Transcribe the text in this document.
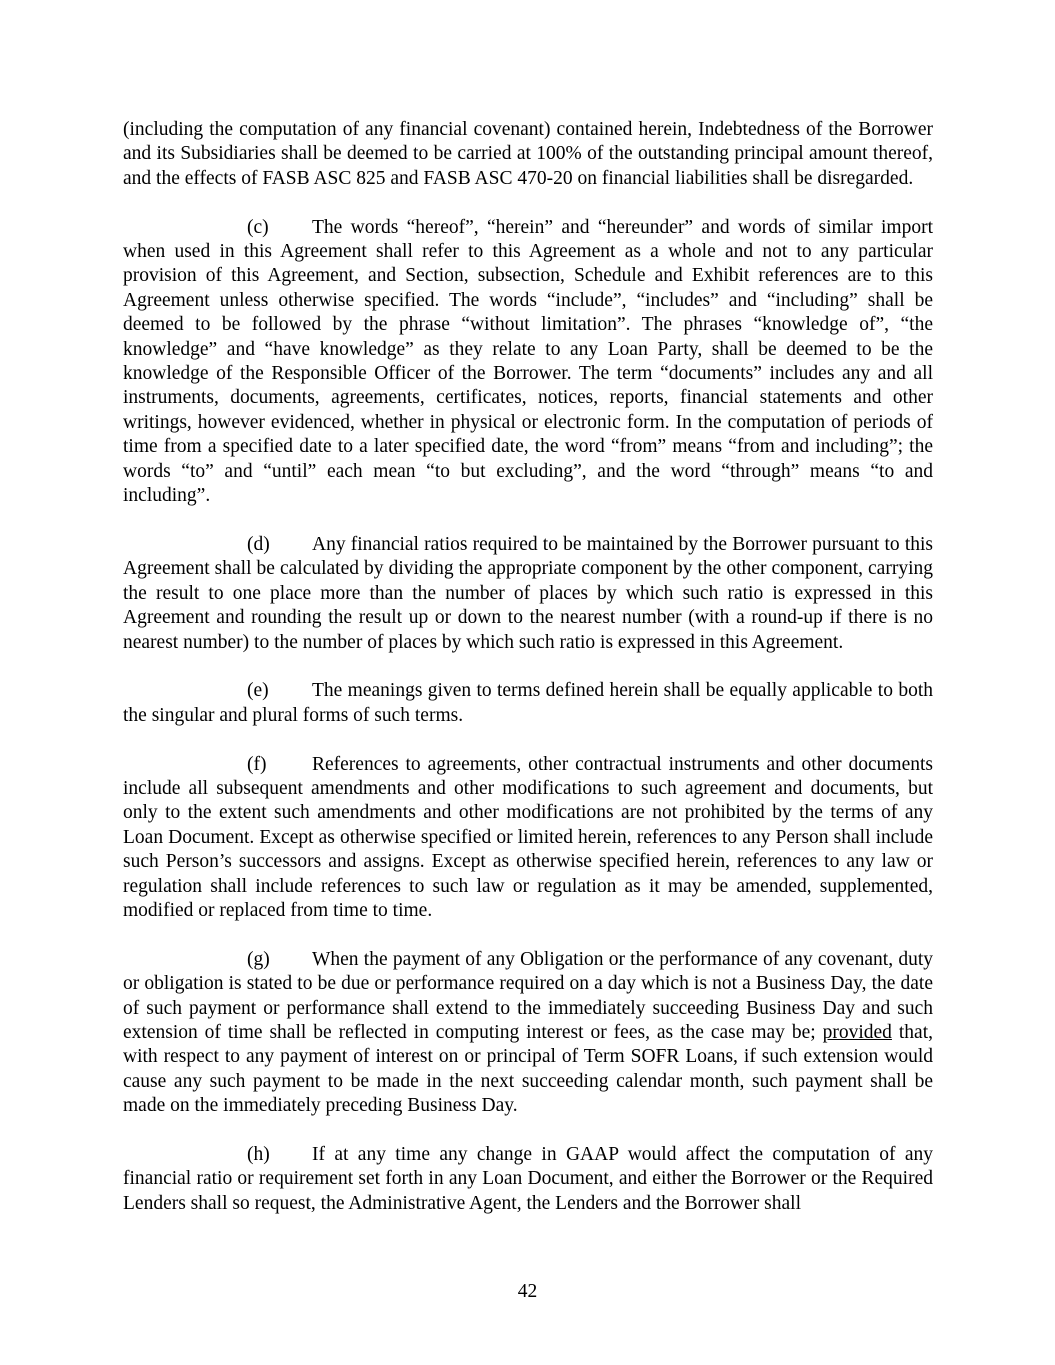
(including the computation of any financial covenant) contained herein, Indebtedness of the Borrower and its Subsidiaries shall be deemed to be carried at 100% of the outstanding principal amount thereof, and the effects of FASB ASC 825 and FASB ASC 470-20 on financial liabilities shall be disregarded.

(c) The words “hereof”, “herein” and “hereunder” and words of similar import when used in this Agreement shall refer to this Agreement as a whole and not to any particular provision of this Agreement, and Section, subsection, Schedule and Exhibit references are to this Agreement unless otherwise specified. The words “include”, “includes” and “including” shall be deemed to be followed by the phrase “without limitation”. The phrases “knowledge of”, “the knowledge” and “have knowledge” as they relate to any Loan Party, shall be deemed to be the knowledge of the Responsible Officer of the Borrower. The term “documents” includes any and all instruments, documents, agreements, certificates, notices, reports, financial statements and other writings, however evidenced, whether in physical or electronic form. In the computation of periods of time from a specified date to a later specified date, the word “from” means “from and including”; the words “to” and “until” each mean “to but excluding”, and the word “through” means “to and including”.

(d) Any financial ratios required to be maintained by the Borrower pursuant to this Agreement shall be calculated by dividing the appropriate component by the other component, carrying the result to one place more than the number of places by which such ratio is expressed in this Agreement and rounding the result up or down to the nearest number (with a round-up if there is no nearest number) to the number of places by which such ratio is expressed in this Agreement.

(e) The meanings given to terms defined herein shall be equally applicable to both the singular and plural forms of such terms.

(f) References to agreements, other contractual instruments and other documents include all subsequent amendments and other modifications to such agreement and documents, but only to the extent such amendments and other modifications are not prohibited by the terms of any Loan Document. Except as otherwise specified or limited herein, references to any Person shall include such Person’s successors and assigns. Except as otherwise specified herein, references to any law or regulation shall include references to such law or regulation as it may be amended, supplemented, modified or replaced from time to time.

(g) When the payment of any Obligation or the performance of any covenant, duty or obligation is stated to be due or performance required on a day which is not a Business Day, the date of such payment or performance shall extend to the immediately succeeding Business Day and such extension of time shall be reflected in computing interest or fees, as the case may be; provided that, with respect to any payment of interest on or principal of Term SOFR Loans, if such extension would cause any such payment to be made in the next succeeding calendar month, such payment shall be made on the immediately preceding Business Day.

(h) If at any time any change in GAAP would affect the computation of any financial ratio or requirement set forth in any Loan Document, and either the Borrower or the Required Lenders shall so request, the Administrative Agent, the Lenders and the Borrower shall

42
